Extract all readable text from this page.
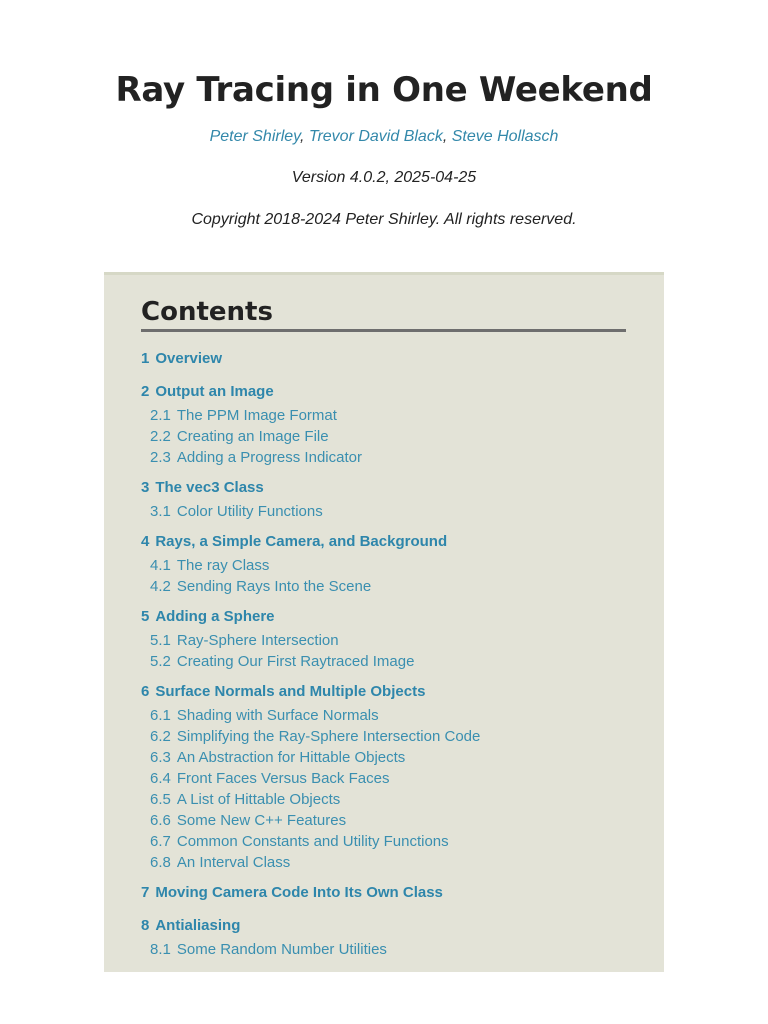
Ray Tracing in One Weekend
Peter Shirley, Trevor David Black, Steve Hollasch
Version 4.0.2, 2025-04-25
Copyright 2018-2024 Peter Shirley. All rights reserved.
Contents
1 Overview
2 Output an Image
2.1 The PPM Image Format
2.2 Creating an Image File
2.3 Adding a Progress Indicator
3 The vec3 Class
3.1 Color Utility Functions
4 Rays, a Simple Camera, and Background
4.1 The ray Class
4.2 Sending Rays Into the Scene
5 Adding a Sphere
5.1 Ray-Sphere Intersection
5.2 Creating Our First Raytraced Image
6 Surface Normals and Multiple Objects
6.1 Shading with Surface Normals
6.2 Simplifying the Ray-Sphere Intersection Code
6.3 An Abstraction for Hittable Objects
6.4 Front Faces Versus Back Faces
6.5 A List of Hittable Objects
6.6 Some New C++ Features
6.7 Common Constants and Utility Functions
6.8 An Interval Class
7 Moving Camera Code Into Its Own Class
8 Antialiasing
8.1 Some Random Number Utilities
